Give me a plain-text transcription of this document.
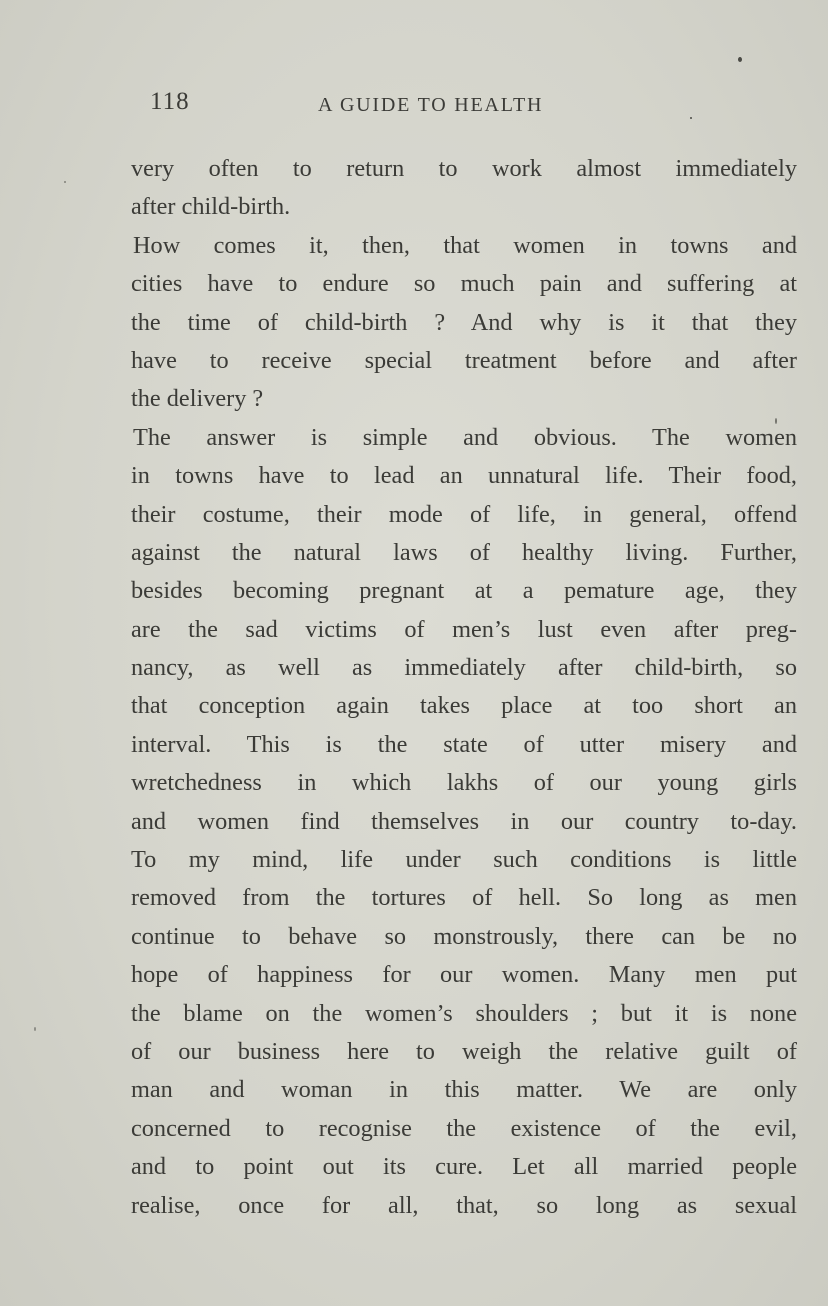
118	A GUIDE TO HEALTH
very often to return to work almost immediately
after child-birth.
How comes it, then, that women in towns and
cities have to endure so much pain and suffering at
the time of child-birth ? And why is it that they
have to receive special treatment before and after
the delivery ?
The answer is simple and obvious. The women
in towns have to lead an unnatural life. Their food,
their costume, their mode of life, in general, offend
against the natural laws of healthy living. Further,
besides becoming pregnant at a pemature age, they
are the sad victims of men’s lust even after preg-
nancy, as well as immediately after child-birth, so
that conception again takes place at too short an
interval. This is the state of utter misery and
wretchedness in which lakhs of our young girls
and women find themselves in our country to-day.
To my mind, life under such conditions is little
removed from the tortures of hell. So long as men
continue to behave so monstrously, there can be no
hope of happiness for our women. Many men put
the blame on the women’s shoulders ; but it is none
of our business here to weigh the relative guilt of
man and woman in this matter. We are only
concerned to recognise the existence of the evil,
and to point out its cure. Let all married people
realise, once for all, that, so long as sexual
